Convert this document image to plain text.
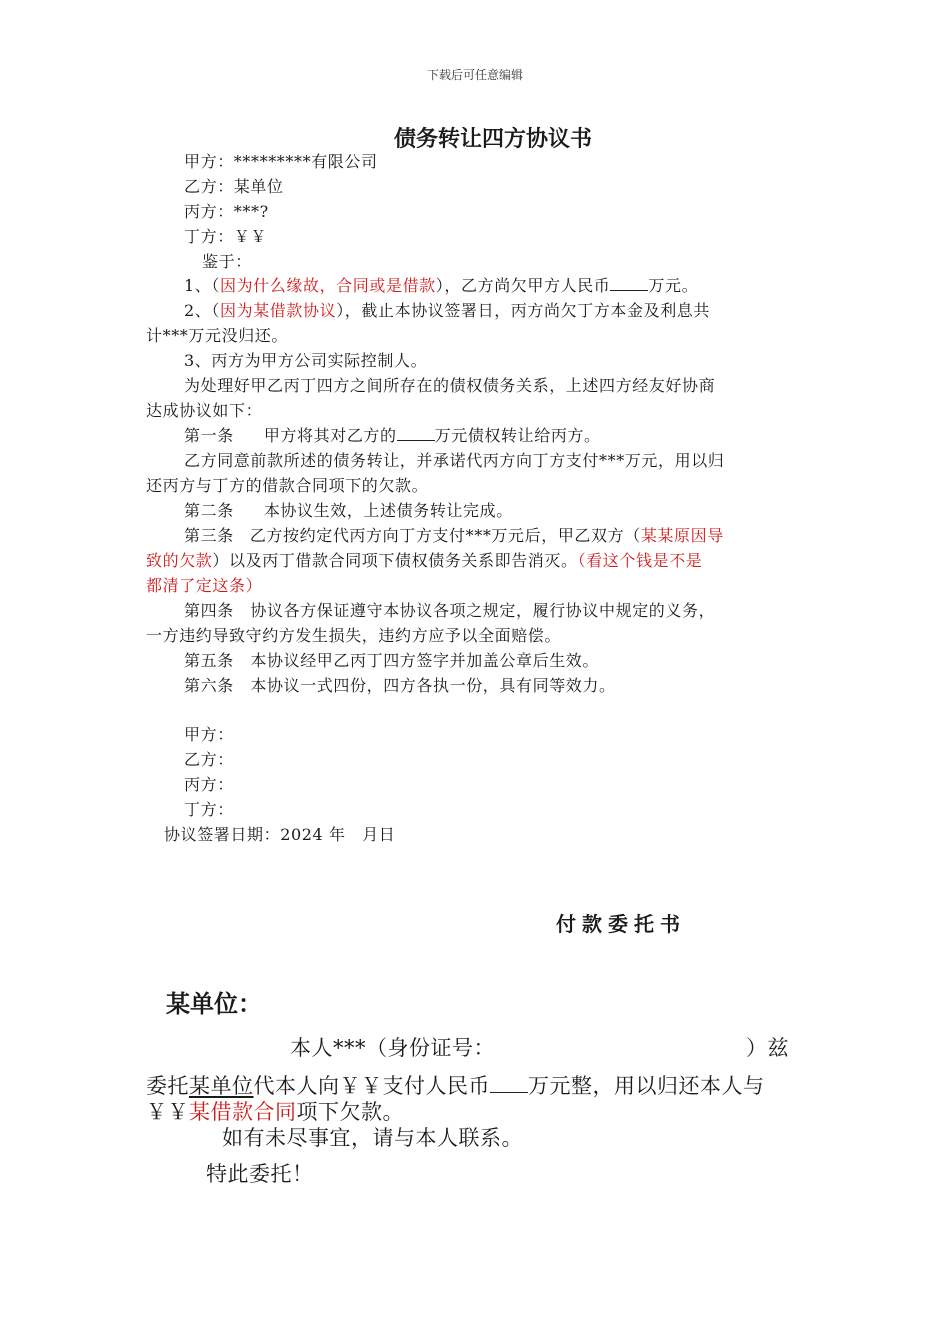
下载后可任意编辑
债务转让四方协议书
甲方：*********有限公司
乙方：某单位
丙方：***?
丁方：￥￥
鉴于：
1、（因为什么缘故，合同或是借款），乙方尚欠甲方人民币 万元。
2、（因为某借款协议），截止本协议签署日，丙方尚欠丁方本金及利息共
计***万元没归还。
3、丙方为甲方公司实际控制人。
为处理好甲乙丙丁四方之间所存在的债权债务关系，上述四方经友好协商
达成协议如下：
第一条 甲方将其对乙方的 万元债权转让给丙方。
乙方同意前款所述的债务转让，并承诺代丙方向丁方支付***万元，用以归
还丙方与丁方的借款合同项下的欠款。
第二条 本协议生效，上述债务转让完成。
第三条 乙方按约定代丙方向丁方支付***万元后，甲乙双方（某某原因导
致的欠款）以及丙丁借款合同项下债权债务关系即告消灭。（看这个钱是不是
都清了定这条）
第四条　协议各方保证遵守本协议各项之规定，履行协议中规定的义务，
一方违约导致守约方发生损失，违约方应予以全面赔偿。
第五条　本协议经甲乙丙丁四方签字并加盖公章后生效。
第六条　本协议一式四份，四方各执一份，具有同等效力。
甲方：
乙方：
丙方：
丁方：
协议签署日期：2024 年　月日
付款委托书
某单位：
本人***（身份证号：	）兹
委托某单位代本人向￥￥支付人民币 万元整，用以归还本人与
￥￥某借款合同项下欠款。
如有未尽事宜，请与本人联系。
特此委托！
